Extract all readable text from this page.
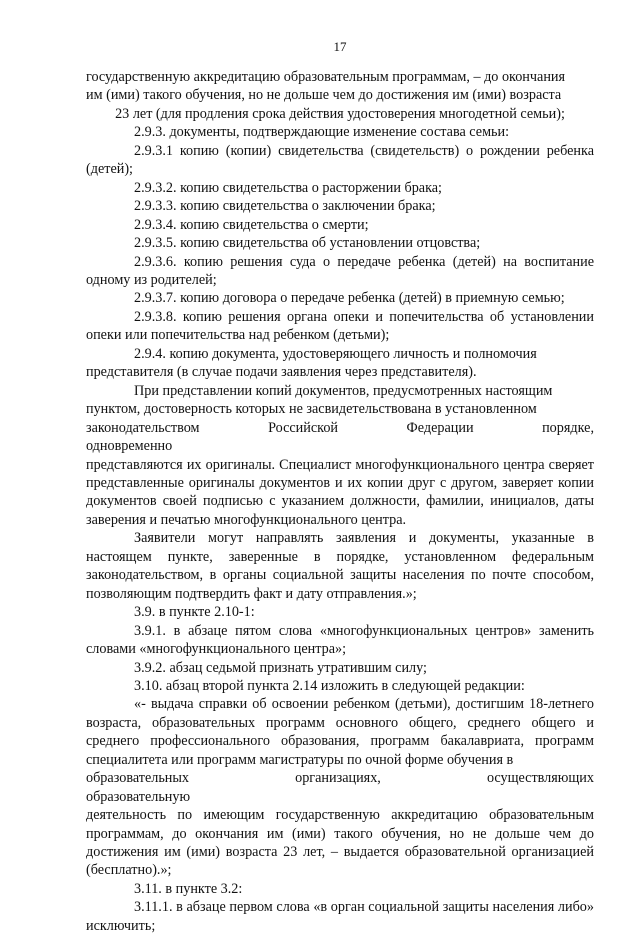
17

государственную аккредитацию образовательным программам, – до окончания

им (ими) такого обучения, но не дольше чем до достижения им (ими) возраста

23 лет (для продления срока действия удостоверения многодетной семьи);

2.9.3. документы, подтверждающие изменение состава семьи:

2.9.3.1 копию (копии) свидетельства (свидетельств) о рождении ребенка (детей);

2.9.3.2. копию свидетельства о расторжении брака;

2.9.3.3. копию свидетельства о заключении брака;

2.9.3.4. копию свидетельства о смерти;

2.9.3.5. копию свидетельства об установлении отцовства;

2.9.3.6. копию решения суда о передаче ребенка (детей) на воспитание одному из родителей;

2.9.3.7. копию договора о передаче ребенка (детей) в приемную семью;

2.9.3.8. копию решения органа опеки и попечительства об установлении опеки или попечительства над ребенком (детьми);

2.9.4. копию документа, удостоверяющего личность и полномочия

представителя (в случае подачи заявления через представителя).

При представлении копий документов, предусмотренных настоящим

пунктом, достоверность которых не засвидетельствована в установленном

законодательством Российской Федерации порядке, одновременно

представляются их оригиналы. Специалист многофункционального центра сверяет представленные оригиналы документов и их копии друг с другом, заверяет копии документов своей подписью с указанием должности, фамилии, инициалов, даты заверения и печатью многофункционального центра.

Заявители могут направлять заявления и документы, указанные в настоящем пункте, заверенные в порядке, установленном федеральным законодательством, в органы социальной защиты населения по почте способом, позволяющим подтвердить факт и дату отправления.»;

3.9. в пункте 2.10-1:

3.9.1. в абзаце пятом слова «многофункциональных центров» заменить словами «многофункционального центра»;

3.9.2. абзац седьмой признать утратившим силу;

3.10. абзац второй пункта 2.14 изложить в следующей редакции:

«- выдача справки об освоении ребенком (детьми), достигшим 18-летнего возраста, образовательных программ основного общего, среднего общего и среднего профессионального образования, программ бакалавриата, программ специалитета или программ магистратуры по очной форме обучения в

образовательных организациях, осуществляющих образовательную

деятельность по имеющим государственную аккредитацию образовательным программам, до окончания им (ими) такого обучения, но не дольше чем до достижения им (ими) возраста 23 лет, – выдается образовательной организацией (бесплатно).»;

3.11. в пункте 3.2:

3.11.1. в абзаце первом слова «в орган социальной защиты населения либо» исключить;
